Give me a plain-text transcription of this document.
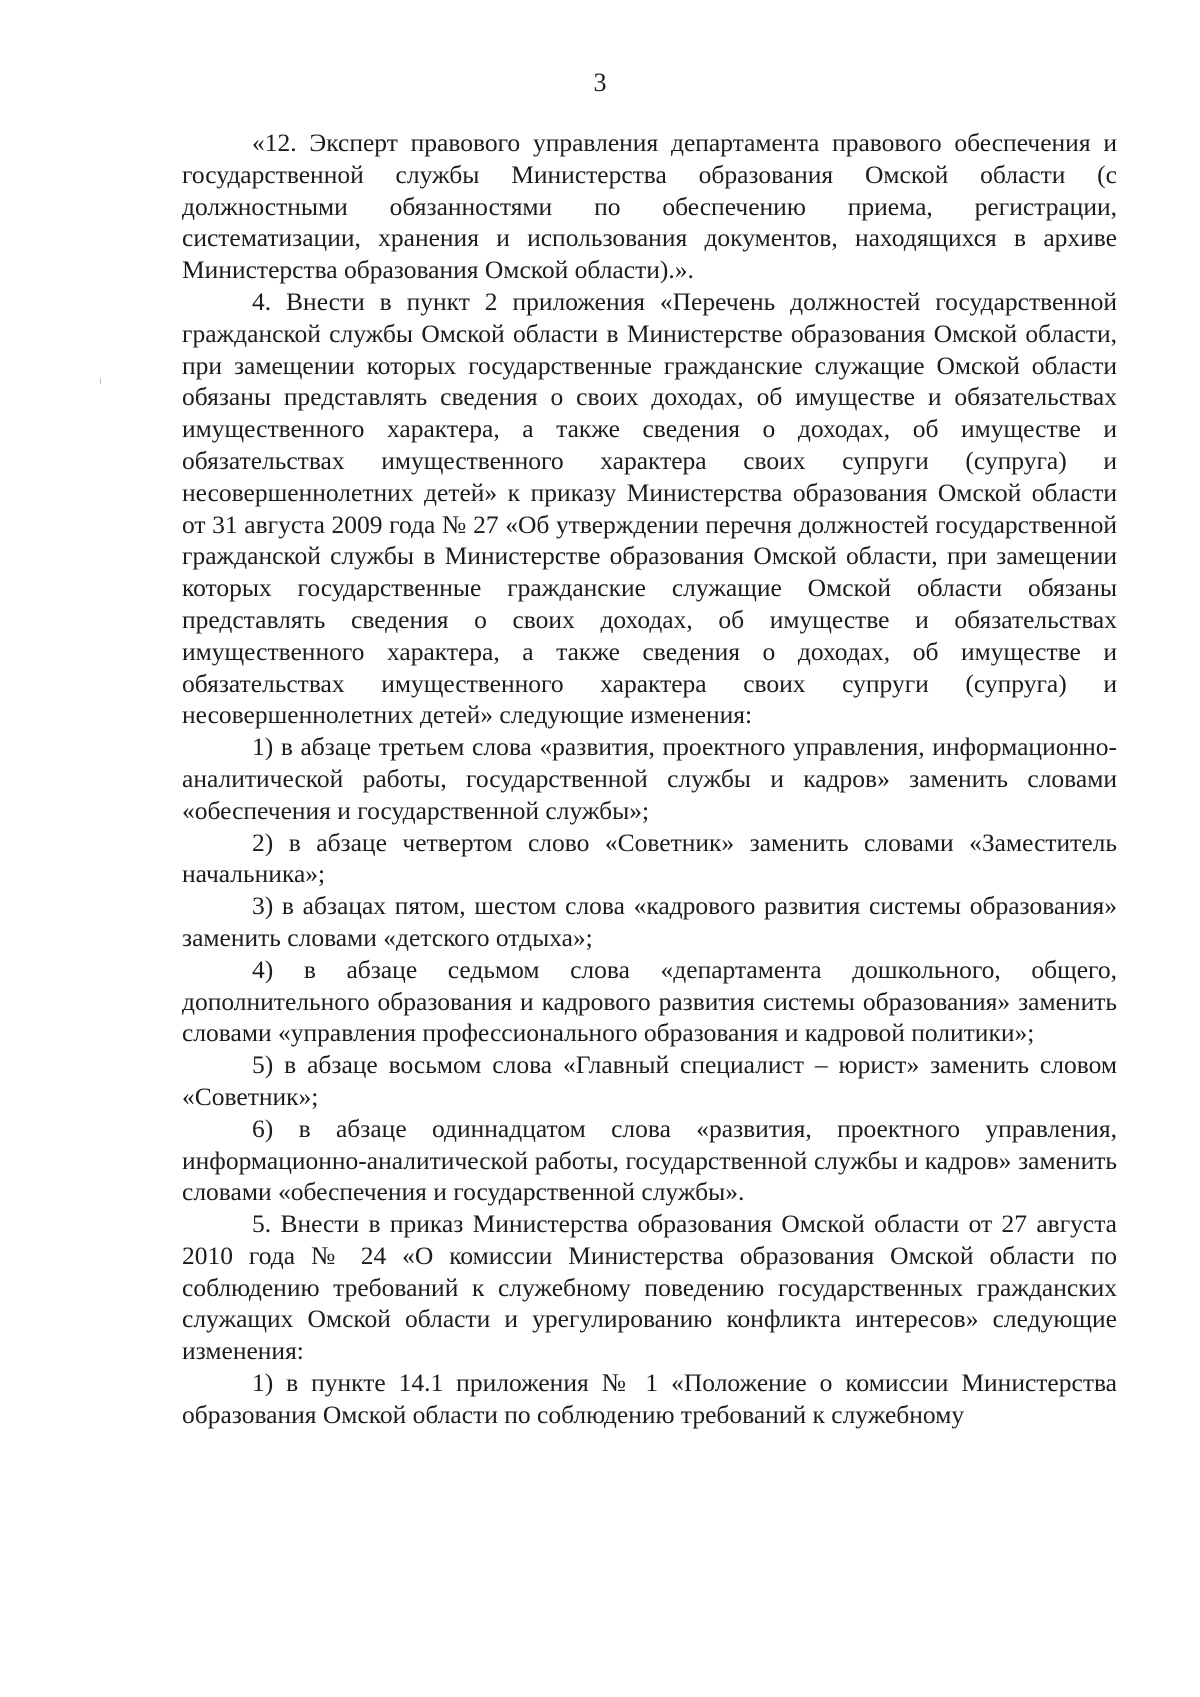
3

«12. Эксперт правового управления департамента правового обеспечения и государственной службы Министерства образования Омской области (с должностными обязанностями по обеспечению приема, регистрации, систематизации, хранения и использования документов, находящихся в архиве Министерства образования Омской области).».

4. Внести в пункт 2 приложения «Перечень должностей государственной гражданской службы Омской области в Министерстве образования Омской области, при замещении которых государственные гражданские служащие Омской области обязаны представлять сведения о своих доходах, об имуществе и обязательствах имущественного характера, а также сведения о доходах, об имуществе и обязательствах имущественного характера своих супруги (супруга) и несовершеннолетних детей» к приказу Министерства образования Омской области от 31 августа 2009 года № 27 «Об утверждении перечня должностей государственной гражданской службы в Министерстве образования Омской области, при замещении которых государственные гражданские служащие Омской области обязаны представлять сведения о своих доходах, об имуществе и обязательствах имущественного характера, а также сведения о доходах, об имуществе и обязательствах имущественного характера своих супруги (супруга) и несовершеннолетних детей» следующие изменения:

1) в абзаце третьем слова «развития, проектного управления, информационно-аналитической работы, государственной службы и кадров» заменить словами «обеспечения и государственной службы»;

2) в абзаце четвертом слово «Советник» заменить словами «Заместитель начальника»;

3) в абзацах пятом, шестом слова «кадрового развития системы образования» заменить словами «детского отдыха»;

4) в абзаце седьмом слова «департамента дошкольного, общего, дополнительного образования и кадрового развития системы образования» заменить словами «управления профессионального образования и кадровой политики»;

5) в абзаце восьмом слова «Главный специалист – юрист» заменить словом «Советник»;

6) в абзаце одиннадцатом слова «развития, проектного управления, информационно-аналитической работы, государственной службы и кадров» заменить словами «обеспечения и государственной службы».

5. Внести в приказ Министерства образования Омской области от 27 августа 2010 года № 24 «О комиссии Министерства образования Омской области по соблюдению требований к служебному поведению государственных гражданских служащих Омской области и урегулированию конфликта интересов» следующие изменения:

1) в пункте 14.1 приложения № 1 «Положение о комиссии Министерства образования Омской области по соблюдению требований к служебному
